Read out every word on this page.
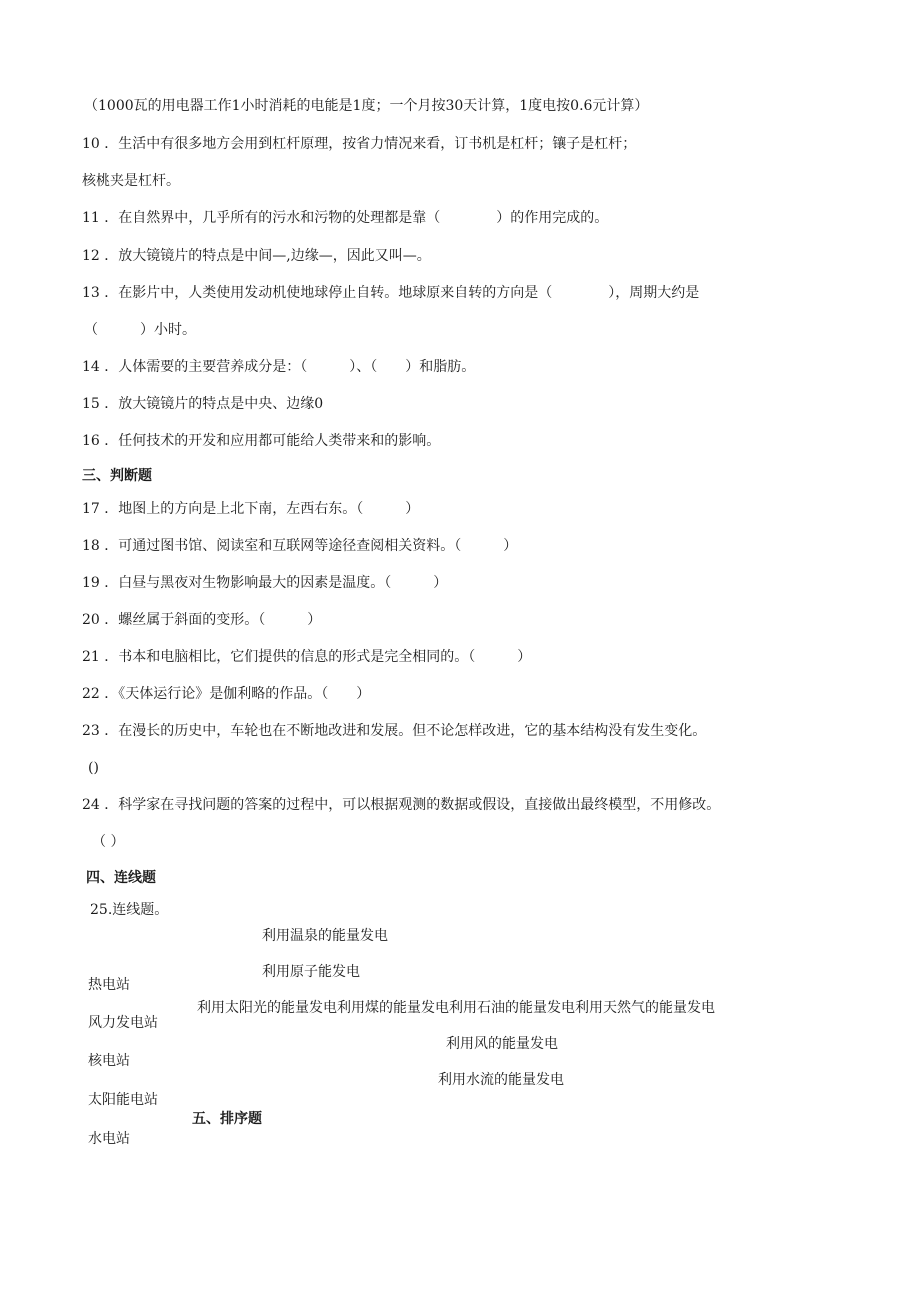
（1000瓦的用电器工作1小时消耗的电能是1度；一个月按30天计算，1度电按0.6元计算）
10 ．生活中有很多地方会用到杠杆原理，按省力情况来看，订书机是杠杆；镶子是杠杆；
核桃夹是杠杆。
11 ．在自然界中，几乎所有的污水和污物的处理都是靠（　　　　）的作用完成的。
12 ．放大镜镜片的特点是中间—,边缘—，因此又叫—。
13 ．在影片中，人类使用发动机使地球停止自转。地球原来自转的方向是（　　　　），周期大约是
（　　　）小时。
14 ．人体需要的主要营养成分是：（　　　）、（　　）和脂肪。
15 ．放大镜镜片的特点是中央、边缘0
16 ．任何技术的开发和应用都可能给人类带来和的影响。
三、判断题
17 ．地图上的方向是上北下南，左西右东。（　　　）
18 ．可通过图书馆、阅读室和互联网等途径查阅相关资料。（　　　）
19 ．白昼与黑夜对生物影响最大的因素是温度。（　　　）
20 ．螺丝属于斜面的变形。（　　　）
21 ．书本和电脑相比，它们提供的信息的形式是完全相同的。（　　　）
22 ．《天体运行论》是伽利略的作品。（　　）
23 ．在漫长的历史中，车轮也在不断地改进和发展。但不论怎样改进，它的基本结构没有发生变化。
()
24 ．科学家在寻找问题的答案的过程中，可以根据观测的数据或假设，直接做出最终模型，不用修改。
（ ）
四、连线题
25.连线题。
利用温泉的能量发电
利用原子能发电
利用太阳光的能量发电利用煤的能量发电利用石油的能量发电利用天然气的能量发电
利用风的能量发电
利用水流的能量发电
热电站
风力发电站
核电站
太阳能电站
水电站
五、排序题
